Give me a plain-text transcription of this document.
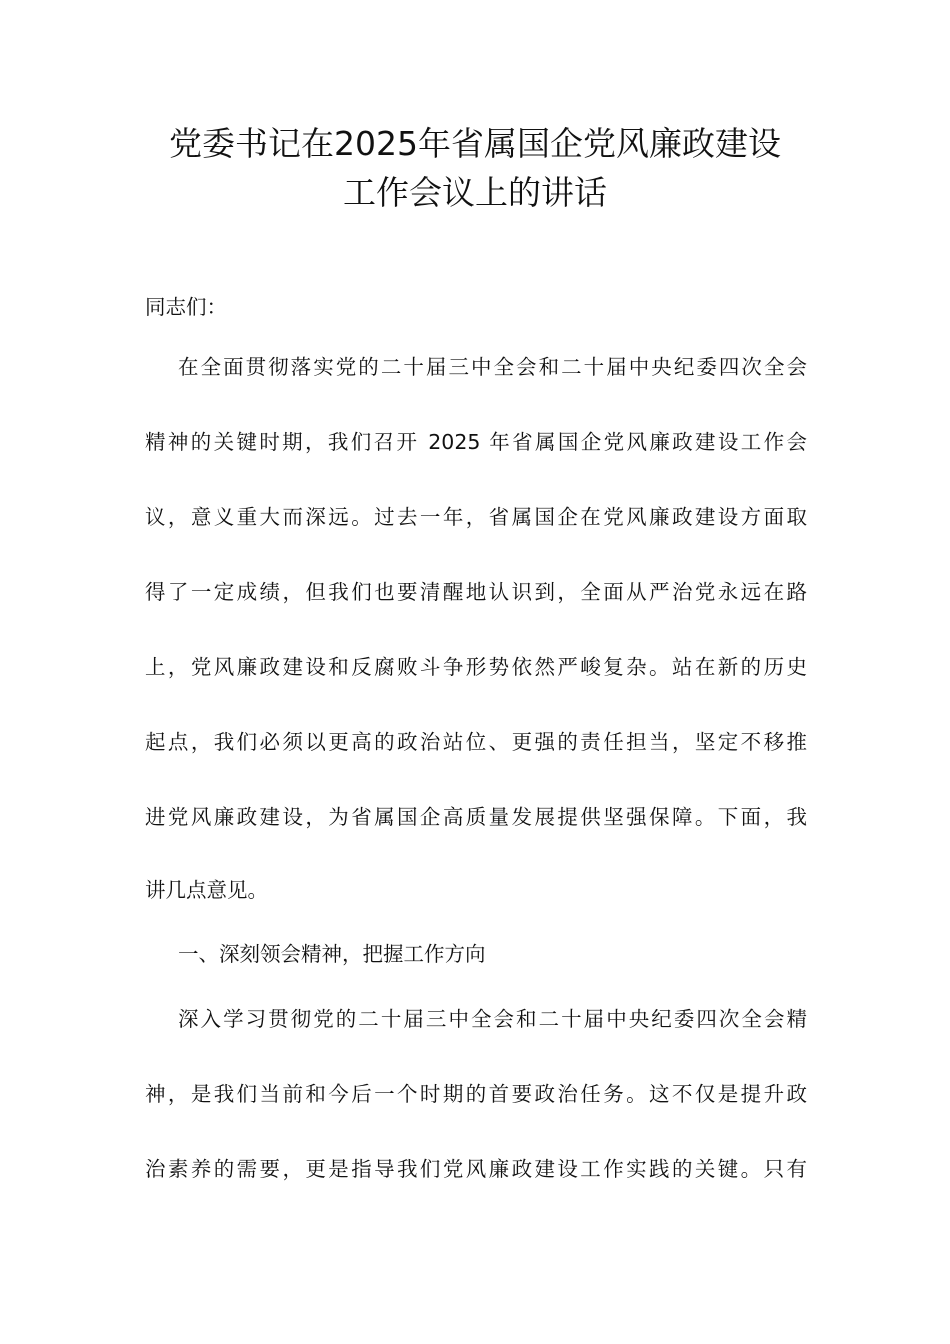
党委书记在2025年省属国企党风廉政建设
工作会议上的讲话
同志们：
在全面贯彻落实党的二十届三中全会和二十届中央纪委四次全会
精神的关键时期，我们召开 2025 年省属国企党风廉政建设工作会
议，意义重大而深远。过去一年，省属国企在党风廉政建设方面取
得了一定成绩，但我们也要清醒地认识到，全面从严治党永远在路
上，党风廉政建设和反腐败斗争形势依然严峻复杂。站在新的历史
起点，我们必须以更高的政治站位、更强的责任担当，坚定不移推
进党风廉政建设，为省属国企高质量发展提供坚强保障。下面，我
讲几点意见。
一、深刻领会精神，把握工作方向
深入学习贯彻党的二十届三中全会和二十届中央纪委四次全会精
神，是我们当前和今后一个时期的首要政治任务。这不仅是提升政
治素养的需要，更是指导我们党风廉政建设工作实践的关键。只有
